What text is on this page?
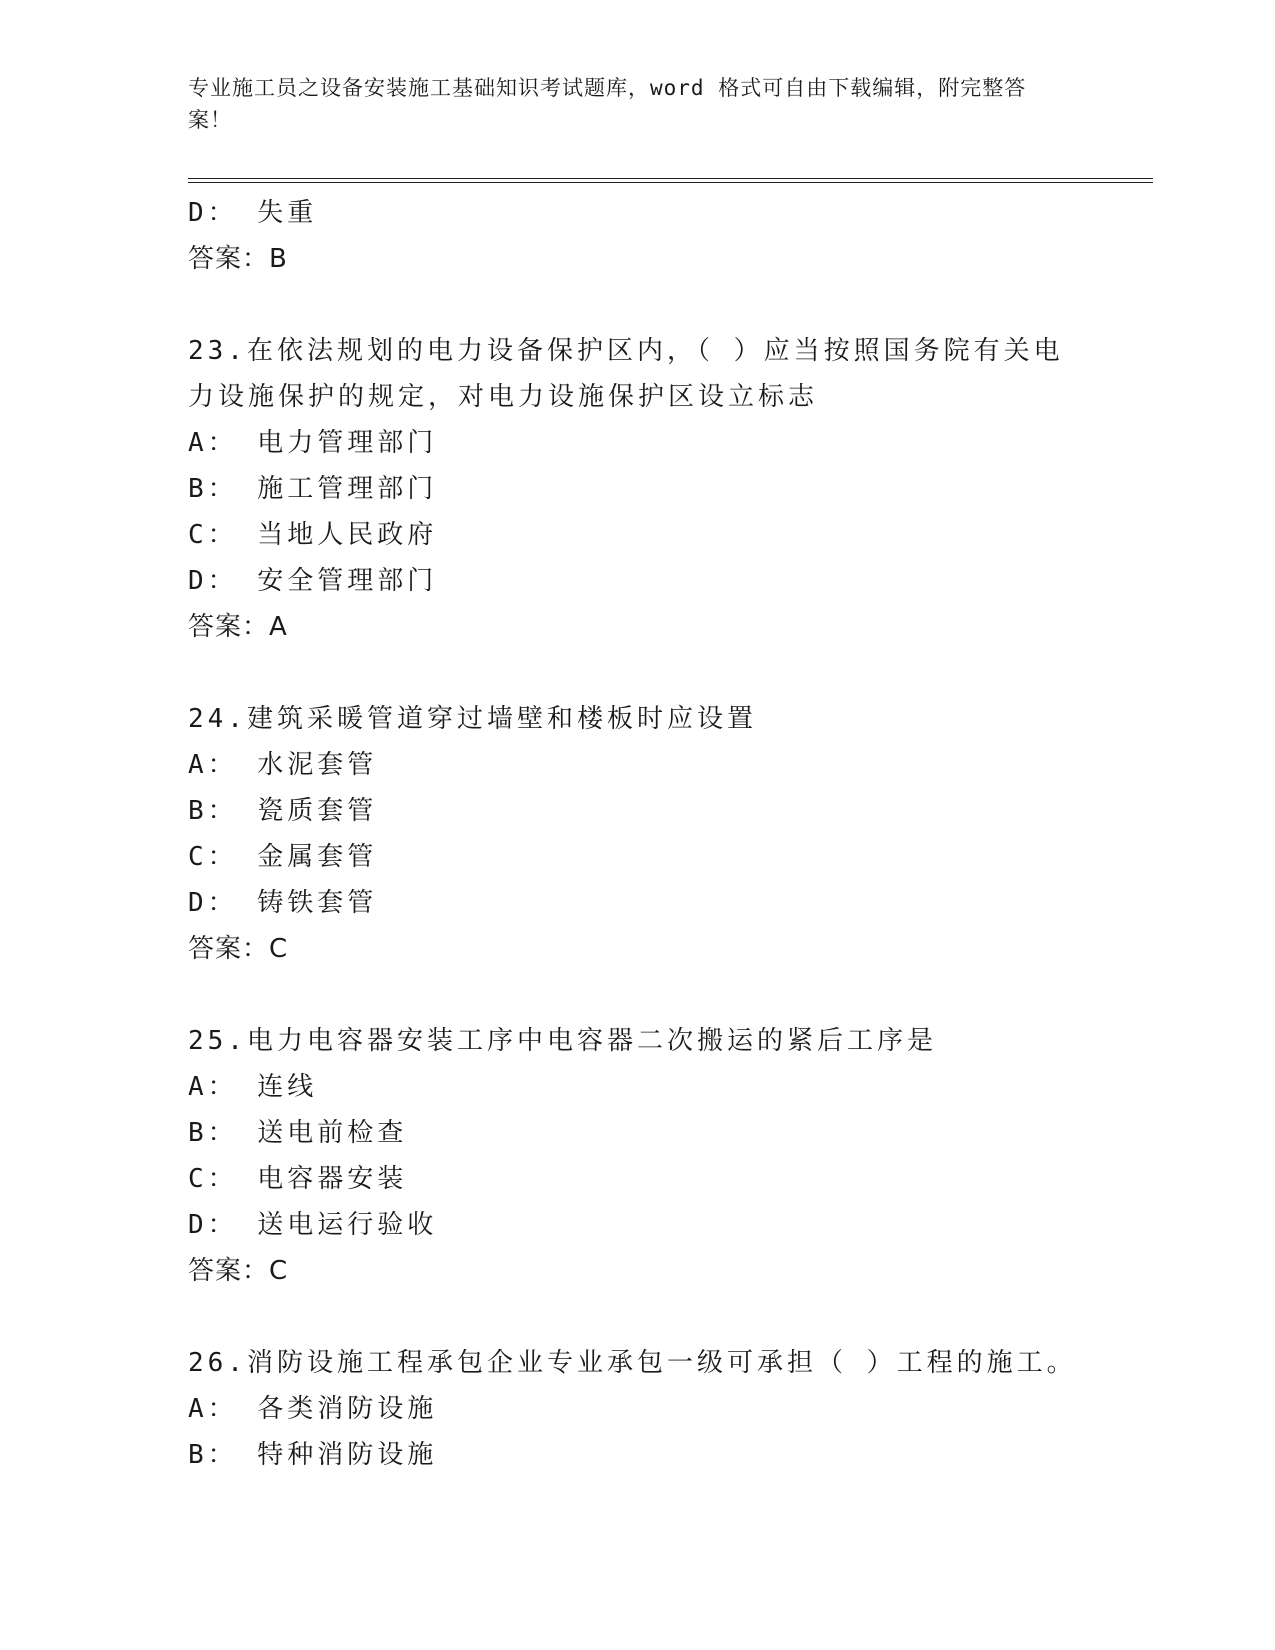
专业施工员之设备安装施工基础知识考试题库，word 格式可自由下载编辑，附完整答案！
D： 失重
答案：B
23.在依法规划的电力设备保护区内，（ ）应当按照国务院有关电力设施保护的规定，对电力设施保护区设立标志
A： 电力管理部门
B： 施工管理部门
C： 当地人民政府
D： 安全管理部门
答案：A
24.建筑采暖管道穿过墙壁和楼板时应设置
A： 水泥套管
B： 瓷质套管
C： 金属套管
D： 铸铁套管
答案：C
25.电力电容器安装工序中电容器二次搬运的紧后工序是
A： 连线
B： 送电前检查
C： 电容器安装
D： 送电运行验收
答案：C
26.消防设施工程承包企业专业承包一级可承担（ ）工程的施工。
A： 各类消防设施
B： 特种消防设施
